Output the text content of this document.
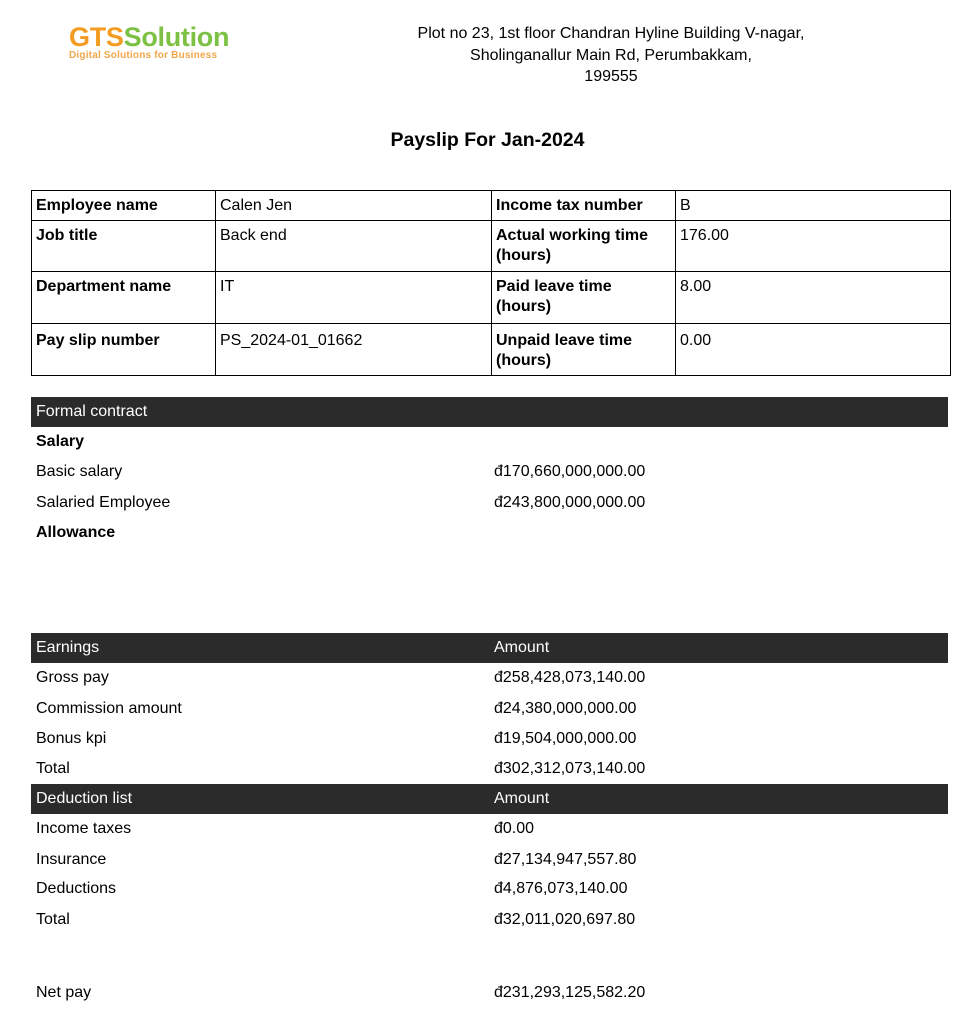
GTSSolution
Digital Solutions for Business
Plot no 23, 1st floor Chandran Hyline Building V-nagar,
Sholinganallur Main Rd, Perumbakkam,
199555
Payslip For Jan-2024
Employee name	Calen Jen	Income tax number	B
Job title	Back end	Actual working time (hours)	176.00
Department name	IT	Paid leave time (hours)	8.00
Pay slip number	PS_2024-01_01662	Unpaid leave time (hours)	0.00
Formal contract
Salary
Basic salary	đ170,660,000,000.00
Salaried Employee	đ243,800,000,000.00
Allowance
Earnings	Amount
Gross pay	đ258,428,073,140.00
Commission amount	đ24,380,000,000.00
Bonus kpi	đ19,504,000,000.00
Total	đ302,312,073,140.00
Deduction list	Amount
Income taxes	đ0.00
Insurance	đ27,134,947,557.80
Deductions	đ4,876,073,140.00
Total	đ32,011,020,697.80
Net pay	đ231,293,125,582.20
